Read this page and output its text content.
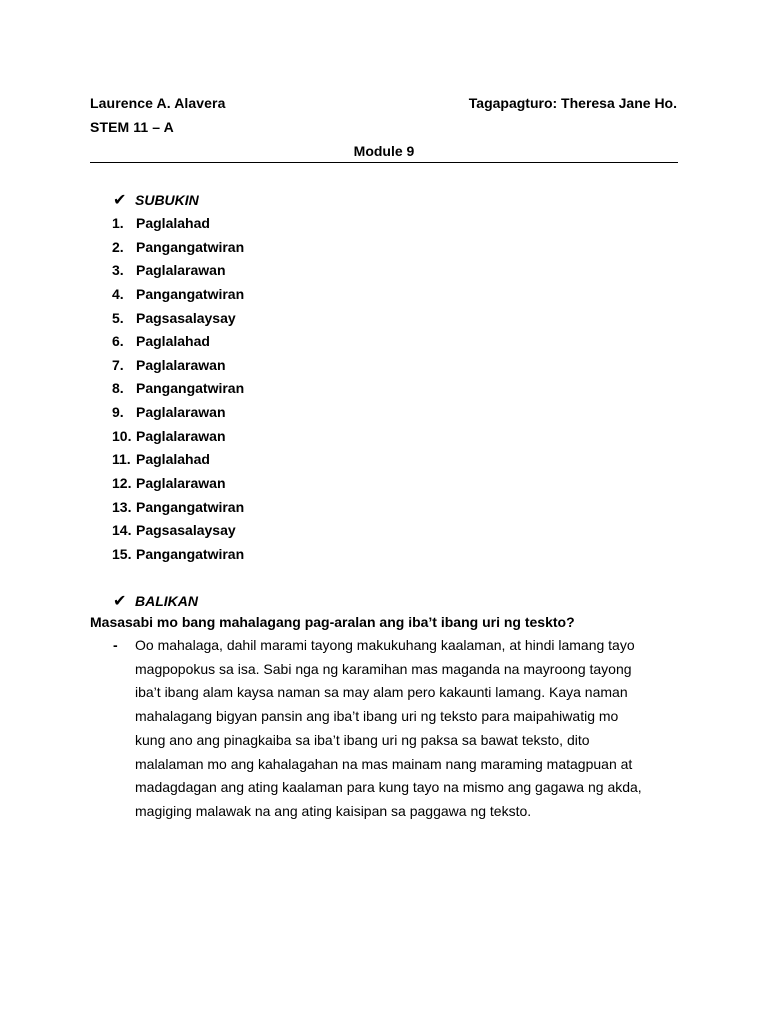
Laurence A. Alavera	Tagapagturo: Theresa Jane Ho.
STEM 11 – A
Module 9
✔ SUBUKIN
1. Paglalahad
2. Pangangatwiran
3. Paglalarawan
4. Pangangatwiran
5. Pagsasalaysay
6. Paglalahad
7. Paglalarawan
8. Pangangatwiran
9. Paglalarawan
10. Paglalarawan
11. Paglalahad
12. Paglalarawan
13. Pangangatwiran
14. Pagsasalaysay
15. Pangangatwiran
✔ BALIKAN
Masasabi mo bang mahalagang pag-aralan ang iba’t ibang uri ng teskto?
- Oo mahalaga, dahil marami tayong makukuhang kaalaman, at hindi lamang tayo
magpopokus sa isa. Sabi nga ng karamihan mas maganda na mayroong tayong
iba’t ibang alam kaysa naman sa may alam pero kakaunti lamang. Kaya naman
mahalagang bigyan pansin ang iba’t ibang uri ng teksto para maipahiwatig mo
kung ano ang pinagkaiba sa iba’t ibang uri ng paksa sa bawat teksto, dito
malalaman mo ang kahalagahan na mas mainam nang maraming matagpuan at
madagdagan ang ating kaalaman para kung tayo na mismo ang gagawa ng akda,
magiging malawak na ang ating kaisipan sa paggawa ng teksto.
